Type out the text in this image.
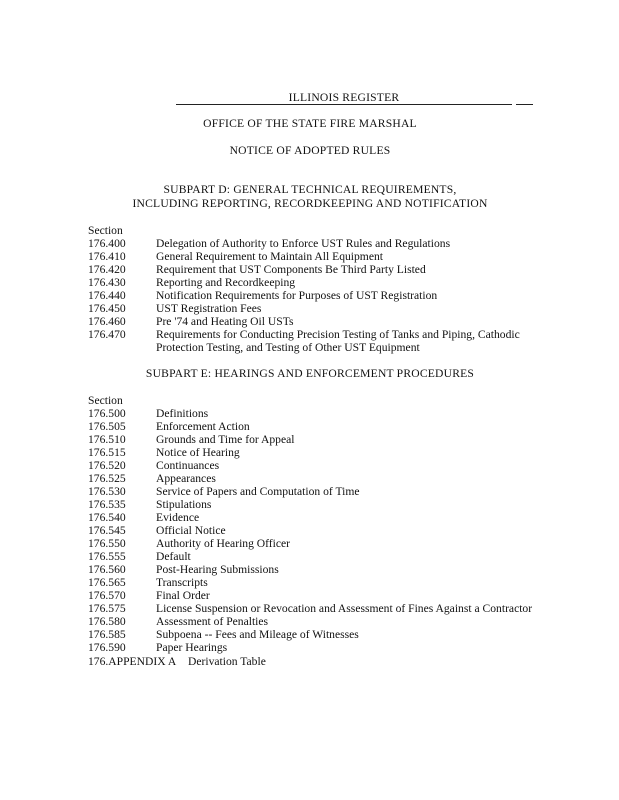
ILLINOIS REGISTER
OFFICE OF THE STATE FIRE MARSHAL
NOTICE OF ADOPTED RULES
SUBPART D: GENERAL TECHNICAL REQUIREMENTS,
INCLUDING REPORTING, RECORDKEEPING AND NOTIFICATION
Section
176.400	Delegation of Authority to Enforce UST Rules and Regulations
176.410	General Requirement to Maintain All Equipment
176.420	Requirement that UST Components Be Third Party Listed
176.430	Reporting and Recordkeeping
176.440	Notification Requirements for Purposes of UST Registration
176.450	UST Registration Fees
176.460	Pre '74 and Heating Oil USTs
176.470	Requirements for Conducting Precision Testing of Tanks and Piping, Cathodic
Protection Testing, and Testing of Other UST Equipment
SUBPART E: HEARINGS AND ENFORCEMENT PROCEDURES
Section
176.500	Definitions
176.505	Enforcement Action
176.510	Grounds and Time for Appeal
176.515	Notice of Hearing
176.520	Continuances
176.525	Appearances
176.530	Service of Papers and Computation of Time
176.535	Stipulations
176.540	Evidence
176.545	Official Notice
176.550	Authority of Hearing Officer
176.555	Default
176.560	Post-Hearing Submissions
176.565	Transcripts
176.570	Final Order
176.575	License Suspension or Revocation and Assessment of Fines Against a Contractor
176.580	Assessment of Penalties
176.585	Subpoena -- Fees and Mileage of Witnesses
176.590	Paper Hearings
176.APPENDIX A Derivation Table
